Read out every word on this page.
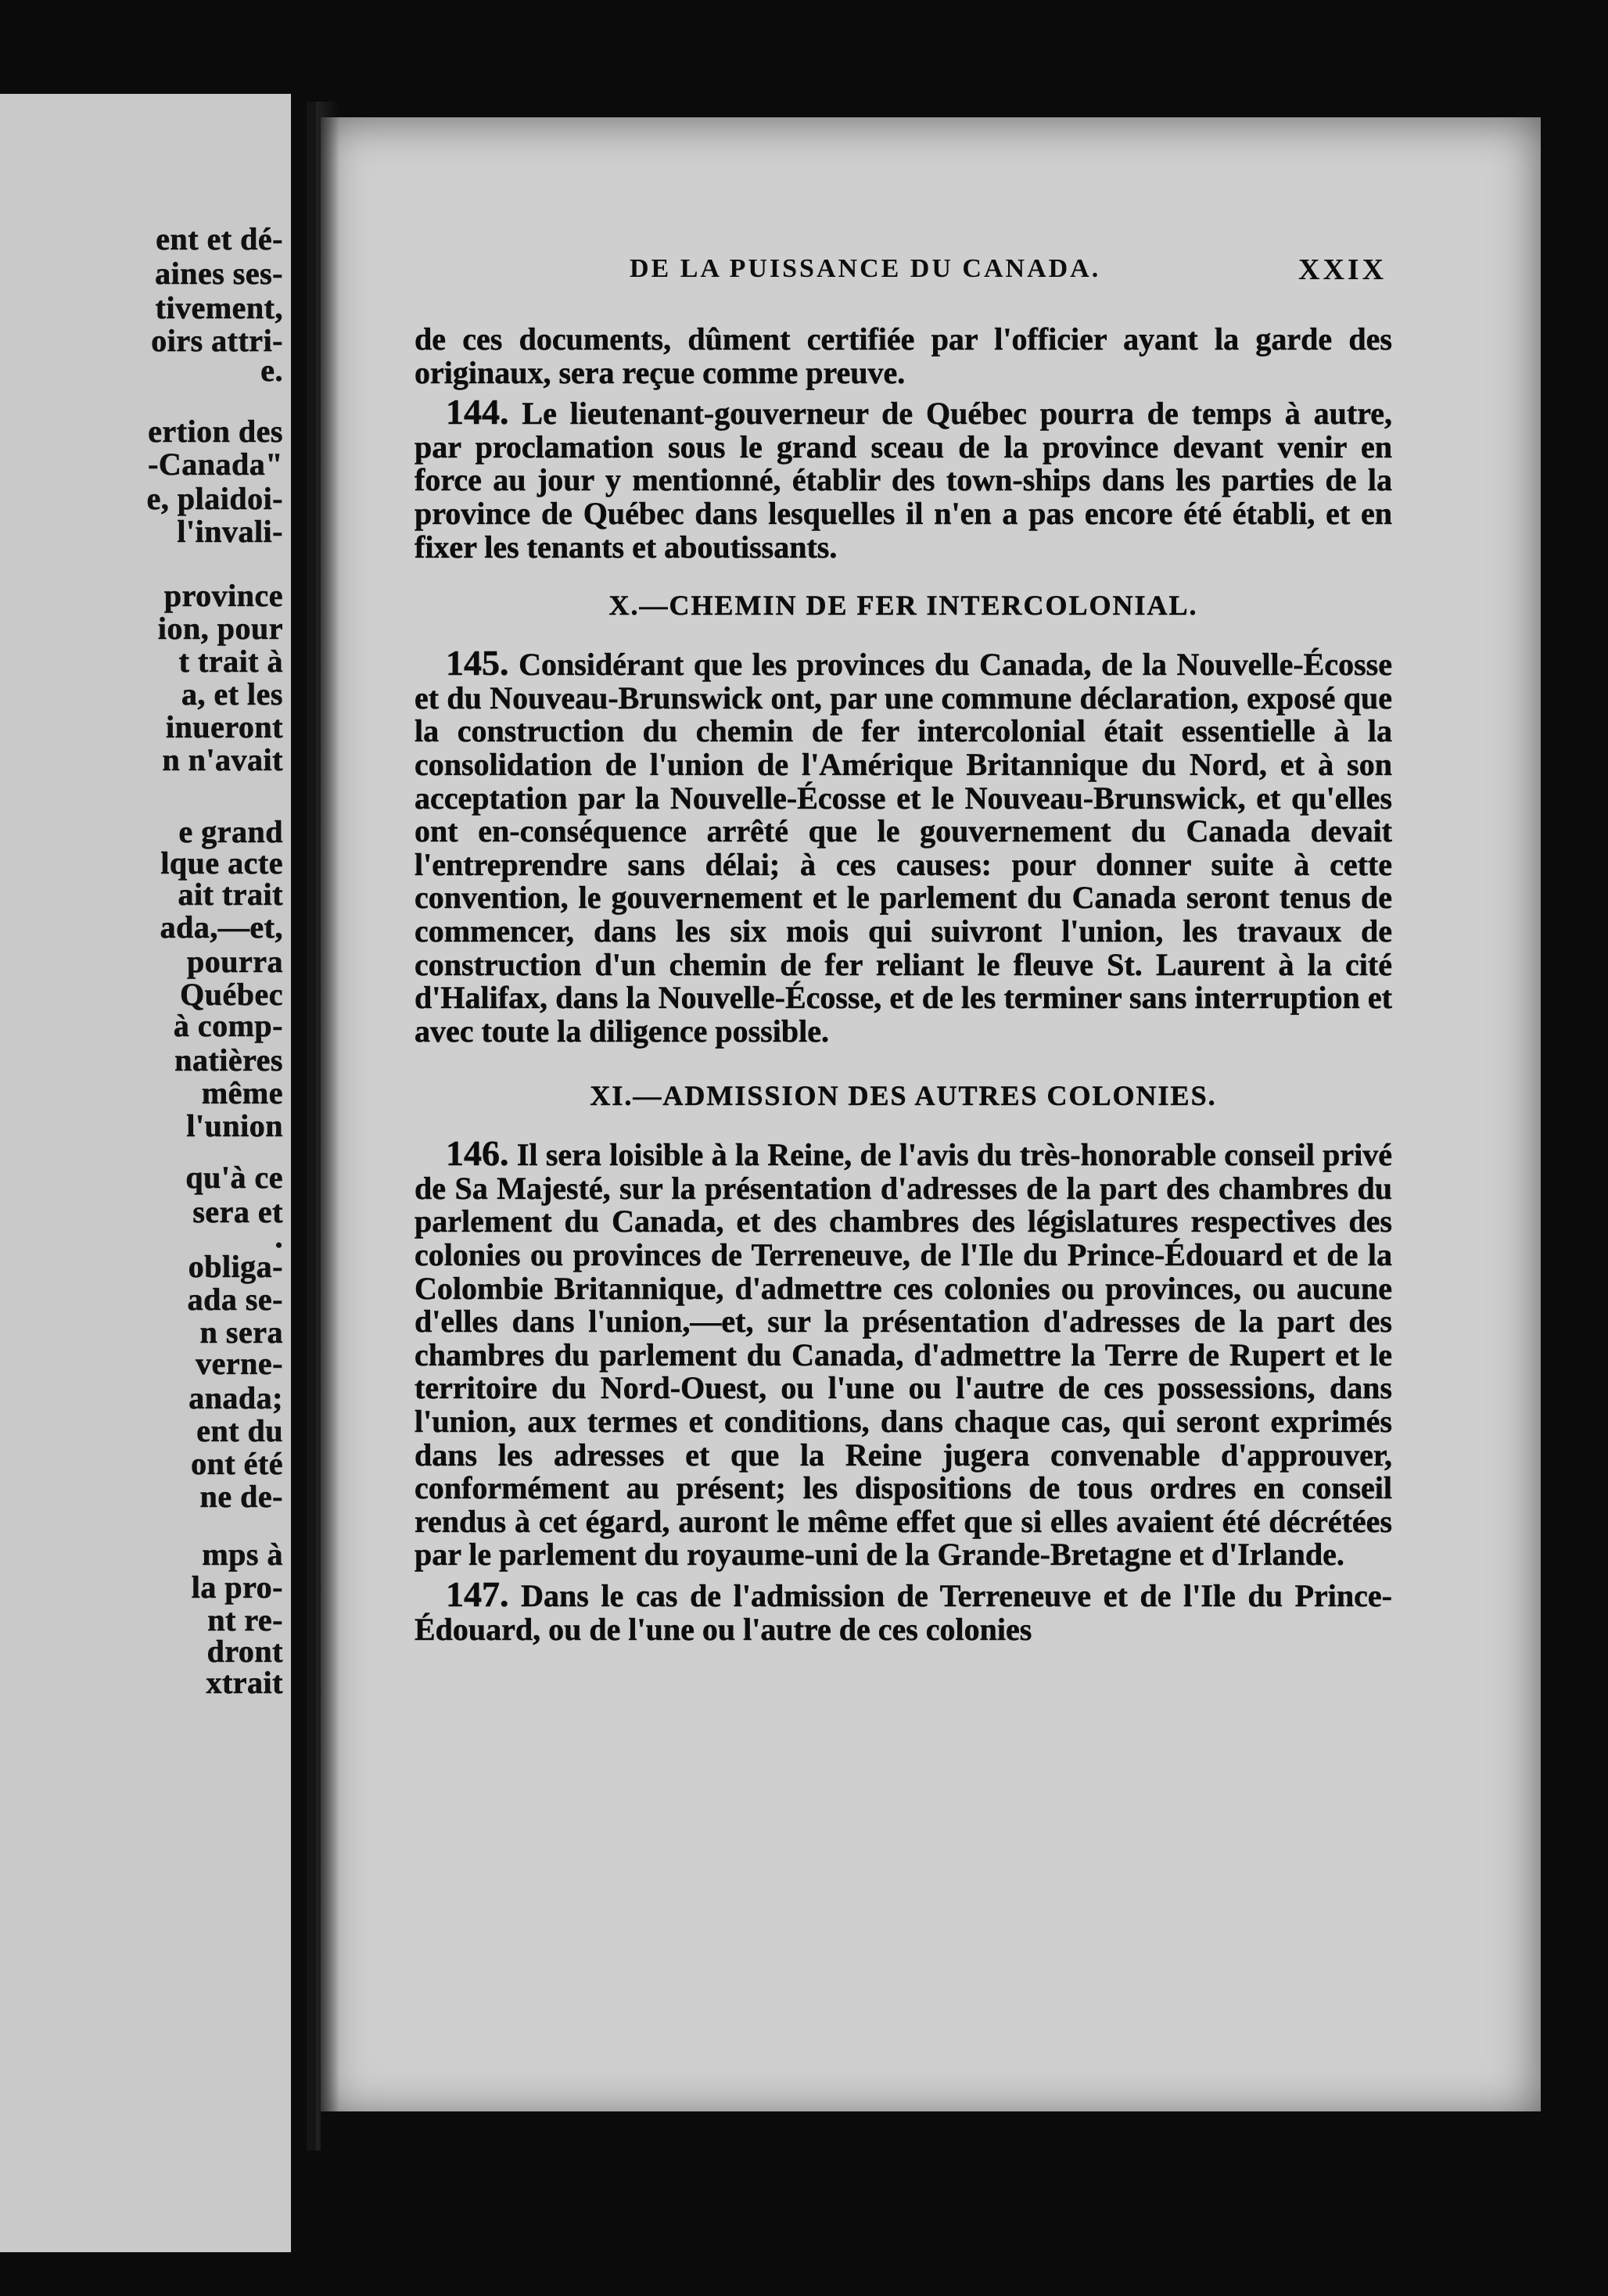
ent et dé-
aines ses-
tivement,
oirs attri-
e.
ertion des
-Canada"
e, plaidoi-
l'invali-
province
ion, pour
t trait à
a, et les
inueront
n n'avait
e grand
lque acte
ait trait
ada,—et,
pourra
Québec
à comp-
natières
même
l'union
qu'à ce
sera et
.
obliga-
ada se-
n sera
verne-
anada;
ent du
ont été
ne de-
mps à
la pro-
nt re-
dront
xtrait
DE LA PUISSANCE DU CANADA.	XXIX

de ces documents, dûment certifiée par l'officier ayant la garde des originaux, sera reçue comme preuve.

144. Le lieutenant-gouverneur de Québec pourra de temps à autre, par proclamation sous le grand sceau de la province devant venir en force au jour y mentionné, établir des town-ships dans les parties de la province de Québec dans lesquelles il n'en a pas encore été établi, et en fixer les tenants et aboutissants.

X.—CHEMIN DE FER INTERCOLONIAL.

145. Considérant que les provinces du Canada, de la Nouvelle-Écosse et du Nouveau-Brunswick ont, par une commune déclaration, exposé que la construction du chemin de fer intercolonial était essentielle à la consolidation de l'union de l'Amérique Britannique du Nord, et à son acceptation par la Nouvelle-Écosse et le Nouveau-Brunswick, et qu'elles ont en-conséquence arrêté que le gouvernement du Canada devait l'entreprendre sans délai; à ces causes: pour donner suite à cette convention, le gouvernement et le parlement du Canada seront tenus de commencer, dans les six mois qui suivront l'union, les travaux de construction d'un chemin de fer reliant le fleuve St. Laurent à la cité d'Halifax, dans la Nouvelle-Écosse, et de les terminer sans interruption et avec toute la diligence possible.

XI.—ADMISSION DES AUTRES COLONIES.

146. Il sera loisible à la Reine, de l'avis du très-honorable conseil privé de Sa Majesté, sur la présentation d'adresses de la part des chambres du parlement du Canada, et des chambres des législatures respectives des colonies ou provinces de Terreneuve, de l'Ile du Prince-Édouard et de la Colombie Britannique, d'admettre ces colonies ou provinces, ou aucune d'elles dans l'union,—et, sur la présentation d'adresses de la part des chambres du parlement du Canada, d'admettre la Terre de Rupert et le territoire du Nord-Ouest, ou l'une ou l'autre de ces possessions, dans l'union, aux termes et conditions, dans chaque cas, qui seront exprimés dans les adresses et que la Reine jugera convenable d'approuver, conformément au présent; les dispositions de tous ordres en conseil rendus à cet égard, auront le même effet que si elles avaient été décrétées par le parlement du royaume-uni de la Grande-Bretagne et d'Irlande.

147. Dans le cas de l'admission de Terreneuve et de l'Ile du Prince-Édouard, ou de l'une ou l'autre de ces colonies
